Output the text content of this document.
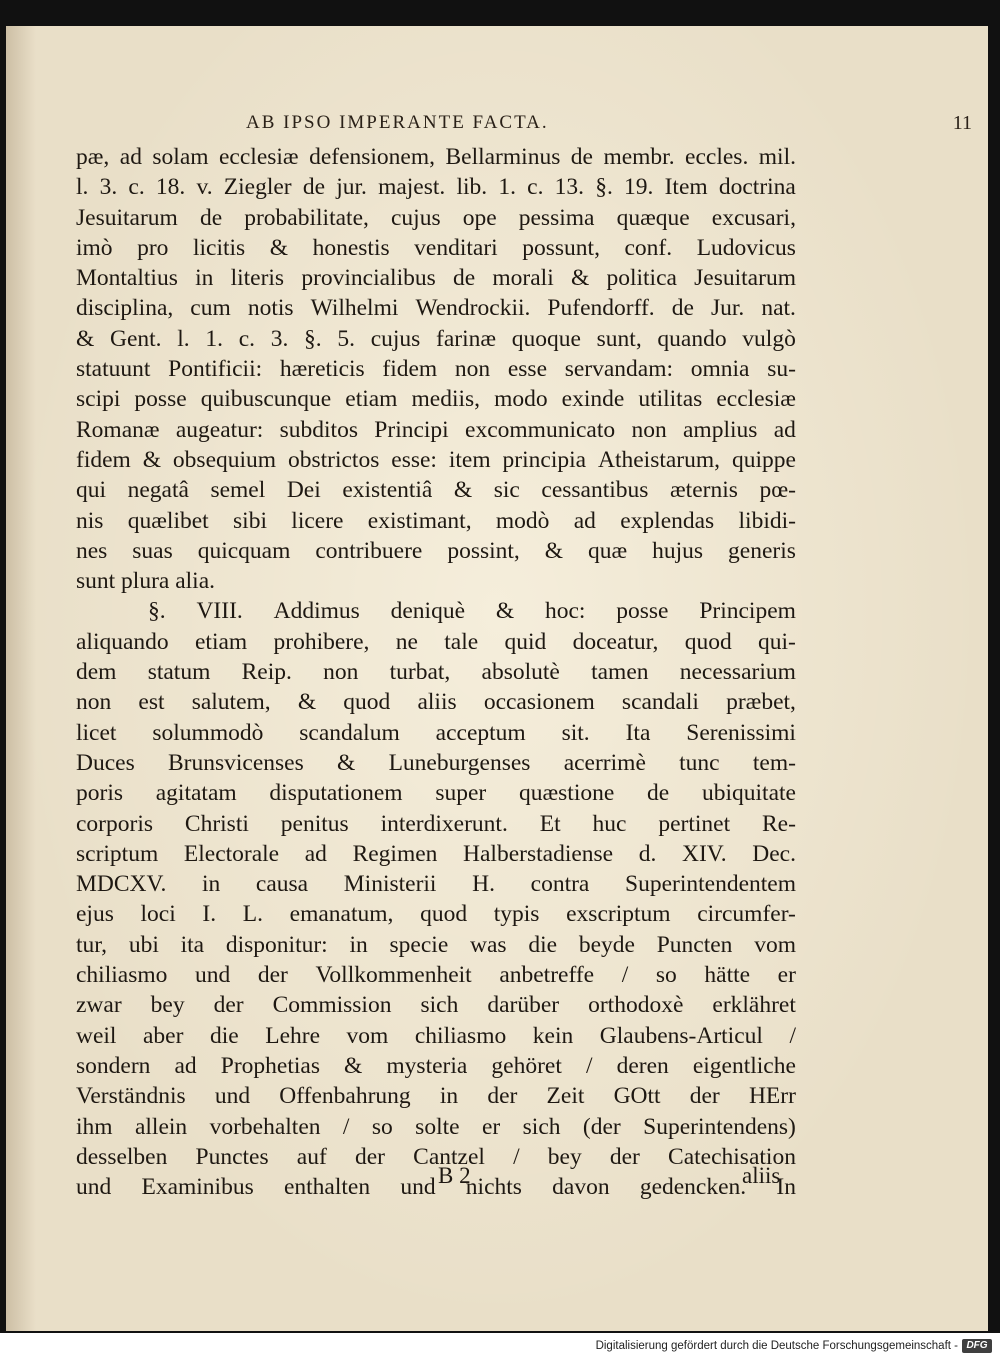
AB IPSO IMPERANTE FACTA.	11
pæ, ad solam ecclesiæ defensionem, Bellarminus de membr. eccles. mil.
l. 3. c. 18. v. Ziegler de jur. majest. lib. 1. c. 13. §. 19. Item doctrina
Jesuitarum de probabilitate, cujus ope pessima quæque excusari,
imò pro licitis & honestis venditari possunt, conf. Ludovicus
Montaltius in literis provincialibus de morali & politica Jesuitarum
disciplina, cum notis Wilhelmi Wendrockii. Pufendorff. de Jur. nat.
& Gent. l. 1. c. 3. §. 5. cujus farinæ quoque sunt, quando vulgò
statuunt Pontificii: hæreticis fidem non esse servandam: omnia su-
scipi posse quibuscunque etiam mediis, modo exinde utilitas ecclesiæ
Romanæ augeatur: subditos Principi excommunicato non amplius ad
fidem & obsequium obstrictos esse: item principia Atheistarum, quippe
qui negatâ semel Dei existentiâ & sic cessantibus æternis pœ-
nis quælibet sibi licere existimant, modò ad explendas libidi-
nes suas quicquam contribuere possint, & quæ hujus generis
sunt plura alia.
§. VIII. Addimus deniquè & hoc: posse Principem
aliquando etiam prohibere, ne tale quid doceatur, quod qui-
dem statum Reip. non turbat, absolutè tamen necessarium
non est salutem, & quod aliis occasionem scandali præbet,
licet solummodò scandalum acceptum sit. Ita Serenissimi
Duces Brunsvicenses & Luneburgenses acerrimè tunc tem-
poris agitatam disputationem super quæstione de ubiquitate
corporis Christi penitus interdixerunt. Et huc pertinet Re-
scriptum Electorale ad Regimen Halberstadiense d. XIV. Dec.
MDCXV. in causa Ministerii H. contra Superintendentem
ejus loci I. L. emanatum, quod typis exscriptum circumfer-
tur, ubi ita disponitur: in specie was die beyde Puncten vom
chiliasmo und der Vollkommenheit anbetreffe / so hätte er
zwar bey der Commission sich darüber orthodoxè erklähret
weil aber die Lehre vom chiliasmo kein Glaubens-Articul /
sondern ad Prophetias & mysteria gehöret / deren eigentliche
Verständnis und Offenbahrung in der Zeit GOtt der HErr
ihm allein vorbehalten / so solte er sich (der Superintendens)
desselben Punctes auf der Cantzel / bey der Catechisation
und Examinibus enthalten und nichts davon gedencken. In
B 2	aliis
Digitalisierung gefördert durch die Deutsche Forschungsgemeinschaft - DFG
